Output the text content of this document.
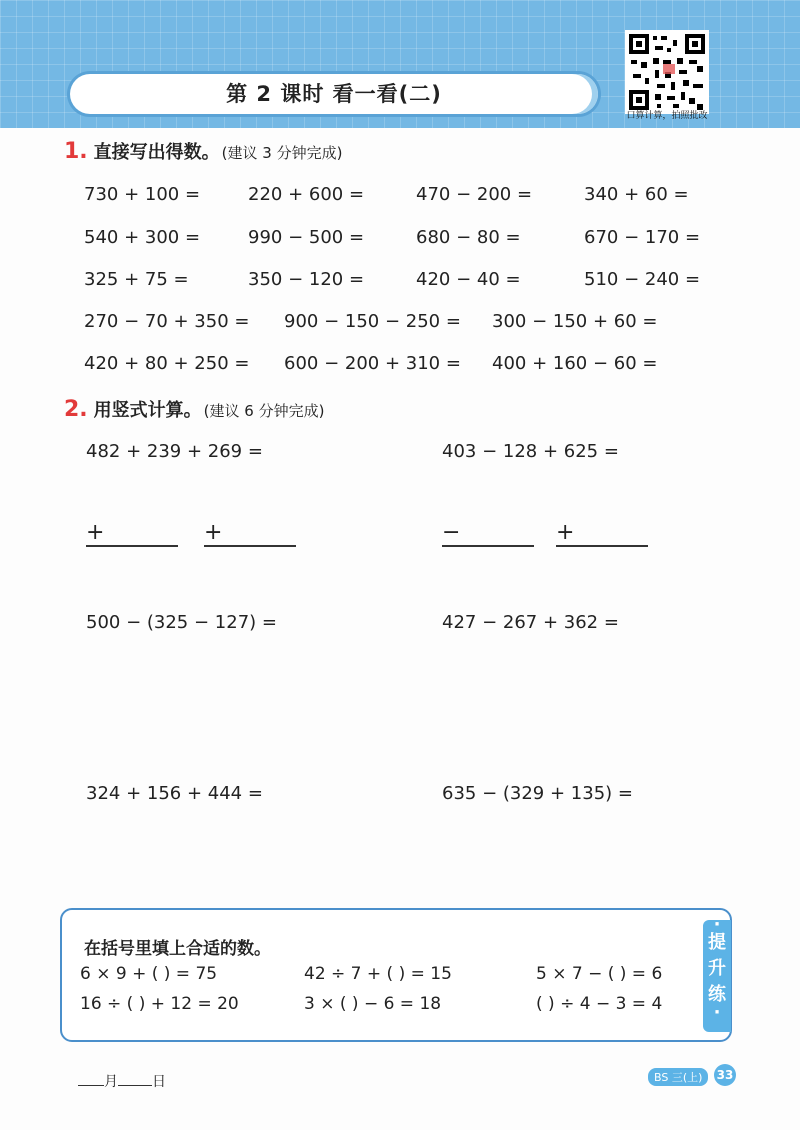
第 2 课时 看一看(二)
口算计算，拍照批改
1. 直接写出得数。 (建议 3 分钟完成)
730 + 100 =	220 + 600 =	470 − 200 =	340 + 60 =
540 + 300 =	990 − 500 =	680 − 80 =	670 − 170 =
325 + 75 =	350 − 120 =	420 − 40 =	510 − 240 =
270 − 70 + 350 = 900 − 150 − 250 = 300 − 150 + 60 =
420 + 80 + 250 = 600 − 200 + 310 = 400 + 160 − 60 =
2. 用竖式计算。 (建议 6 分钟完成)
482 + 239 + 269 =	403 − 128 + 625 =
+	+	−	+
500 − (325 − 127) =	427 − 267 + 362 =
324 + 156 + 444 =	635 − (329 + 135) =
在括号里填上合适的数。
6 × 9 + ( ) = 75	42 ÷ 7 + ( ) = 15	5 × 7 − ( ) = 6
16 ÷ ( ) + 12 = 20	3 × ( ) − 6 = 18	( ) ÷ 4 − 3 = 4
·
提
升
练
·
月 日	BS 三(上)	33
